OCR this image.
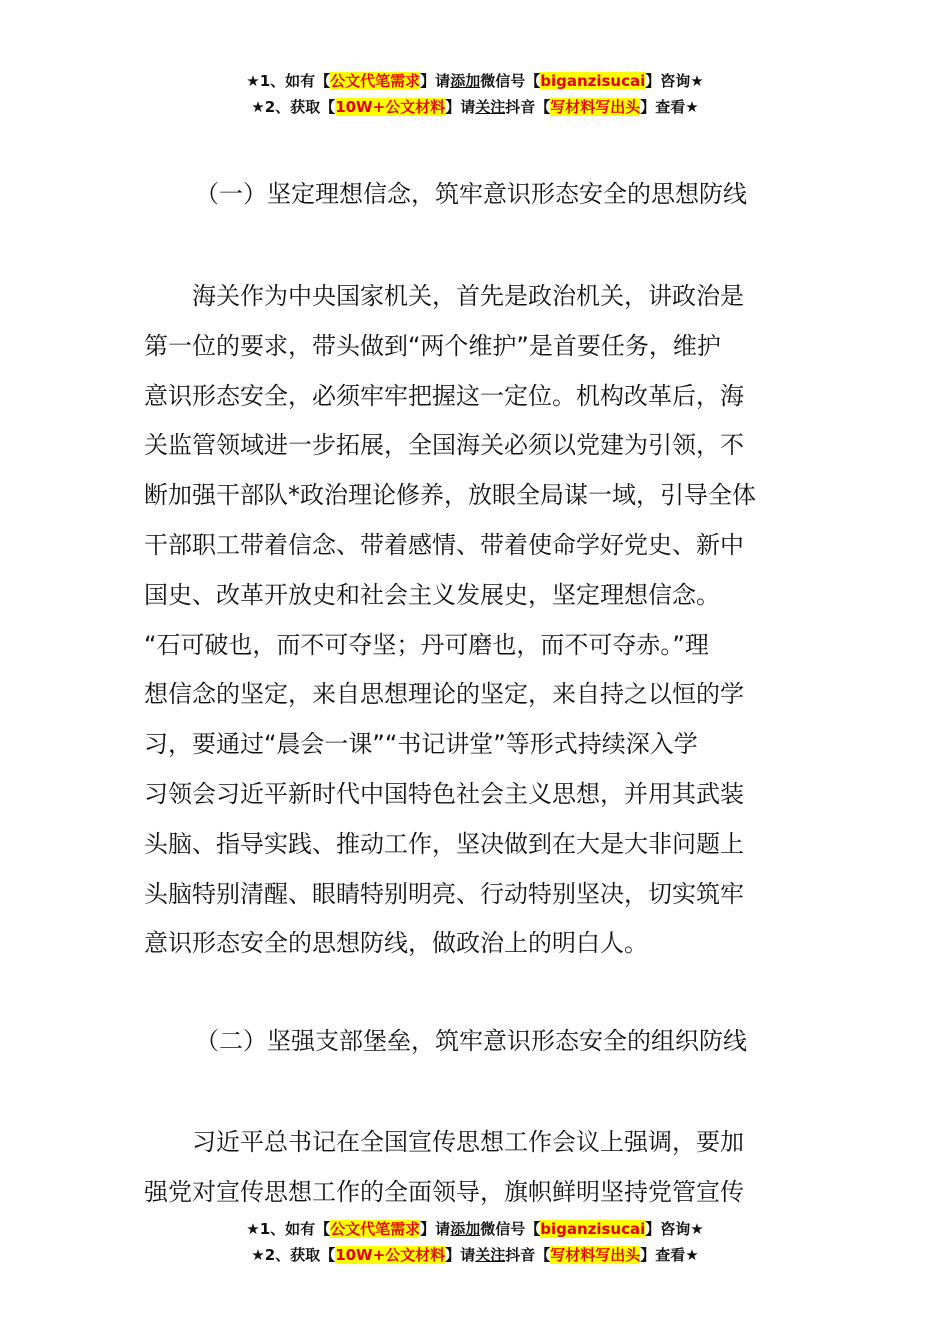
★1、如有【公文代笔需求】请添加微信号【biganzisucai】咨询★
★2、获取【10W+公文材料】请关注抖音【写材料写出头】查看★
（一）坚定理想信念，筑牢意识形态安全的思想防线
　　海关作为中央国家机关，首先是政治机关，讲政治是
第一位的要求，带头做到“两个维护”是首要任务，维护
意识形态安全，必须牢牢把握这一定位。机构改革后，海
关监管领域进一步拓展，全国海关必须以党建为引领，不
断加强干部队*政治理论修养，放眼全局谋一域，引导全体
干部职工带着信念、带着感情、带着使命学好党史、新中
国史、改革开放史和社会主义发展史，坚定理想信念。
“石可破也，而不可夺坚；丹可磨也，而不可夺赤。”理
想信念的坚定，来自思想理论的坚定，来自持之以恒的学
习，要通过“晨会一课”“书记讲堂”等形式持续深入学
习领会习近平新时代中国特色社会主义思想，并用其武装
头脑、指导实践、推动工作，坚决做到在大是大非问题上
头脑特别清醒、眼睛特别明亮、行动特别坚决，切实筑牢
意识形态安全的思想防线，做政治上的明白人。
（二）坚强支部堡垒，筑牢意识形态安全的组织防线
　　习近平总书记在全国宣传思想工作会议上强调，要加
强党对宣传思想工作的全面领导，旗帜鲜明坚持党管宣传
★1、如有【公文代笔需求】请添加微信号【biganzisucai】咨询★
★2、获取【10W+公文材料】请关注抖音【写材料写出头】查看★
